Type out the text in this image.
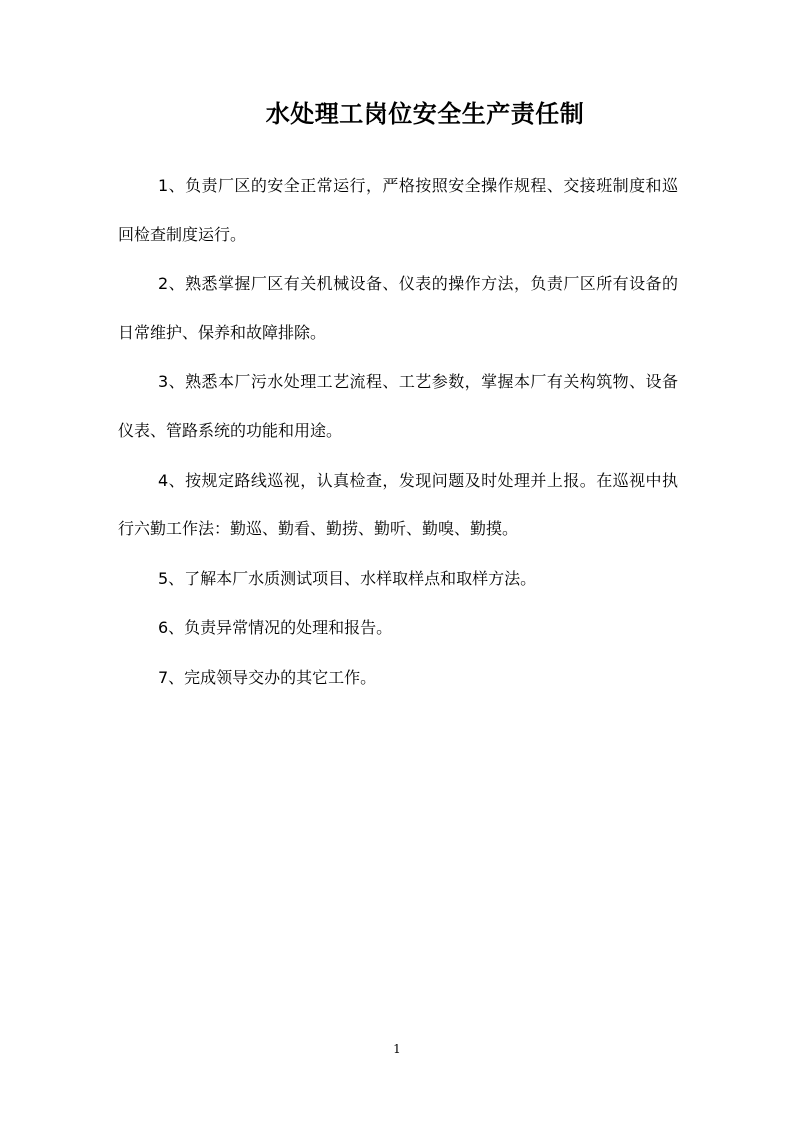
水处理工岗位安全生产责任制

1、负责厂区的安全正常运行，严格按照安全操作规程、交接班制度和巡回检查制度运行。

2、熟悉掌握厂区有关机械设备、仪表的操作方法，负责厂区所有设备的日常维护、保养和故障排除。

3、熟悉本厂污水处理工艺流程、工艺参数，掌握本厂有关构筑物、设备仪表、管路系统的功能和用途。

4、按规定路线巡视，认真检查，发现问题及时处理并上报。在巡视中执行六勤工作法：勤巡、勤看、勤捞、勤听、勤嗅、勤摸。

5、了解本厂水质测试项目、水样取样点和取样方法。

6、负责异常情况的处理和报告。

7、完成领导交办的其它工作。

1
